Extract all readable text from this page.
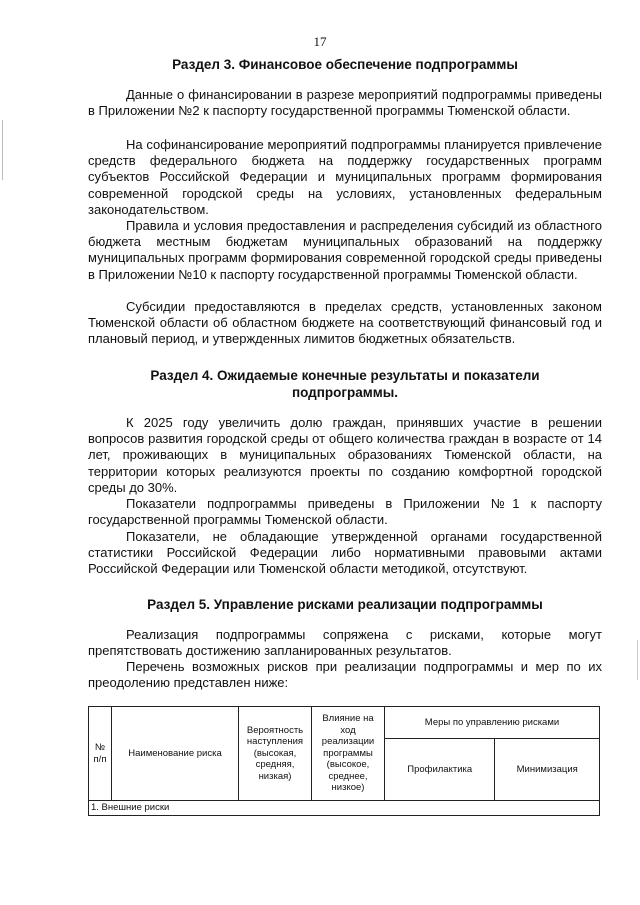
17
Раздел 3. Финансовое обеспечение подпрограммы

Данные о финансировании в разрезе мероприятий подпрограммы приведены в Приложении №2 к паспорту государственной программы Тюменской области.

На софинансирование мероприятий подпрограммы планируется привлечение средств федерального бюджета на поддержку государственных программ субъектов Российской Федерации и муниципальных программ формирования современной городской среды на условиях, установленных федеральным законодательством.

Правила и условия предоставления и распределения субсидий из областного бюджета местным бюджетам муниципальных образований на поддержку муниципальных программ формирования современной городской среды приведены в Приложении №10 к паспорту государственной программы Тюменской области.

Субсидии предоставляются в пределах средств, установленных законом Тюменской области об областном бюджете на соответствующий финансовый год и плановый период, и утвержденных лимитов бюджетных обязательств.

Раздел 4. Ожидаемые конечные результаты и показатели
подпрограммы.

К 2025 году увеличить долю граждан, принявших участие в решении вопросов развития городской среды от общего количества граждан в возрасте от 14 лет, проживающих в муниципальных образованиях Тюменской области, на территории которых реализуются проекты по созданию комфортной городской среды до 30%.

Показатели подпрограммы приведены в Приложении №1 к паспорту государственной программы Тюменской области.

Показатели, не обладающие утвержденной органами государственной статистики Российской Федерации либо нормативными правовыми актами Российской Федерации или Тюменской области методикой, отсутствуют.

Раздел 5. Управление рисками реализации подпрограммы

Реализация подпрограммы сопряжена с рисками, которые могут препятствовать достижению запланированных результатов.

Перечень возможных рисков при реализации подпрограммы и мер по их преодолению представлен ниже:

№ п/п	Наименование риска	Вероятность наступления (высокая, средняя, низкая)	Влияние на ход реализации программы (высокое, среднее, низкое)	Меры по управлению рисками	
				Профилактика	Минимизация
1. Внешние риски					
